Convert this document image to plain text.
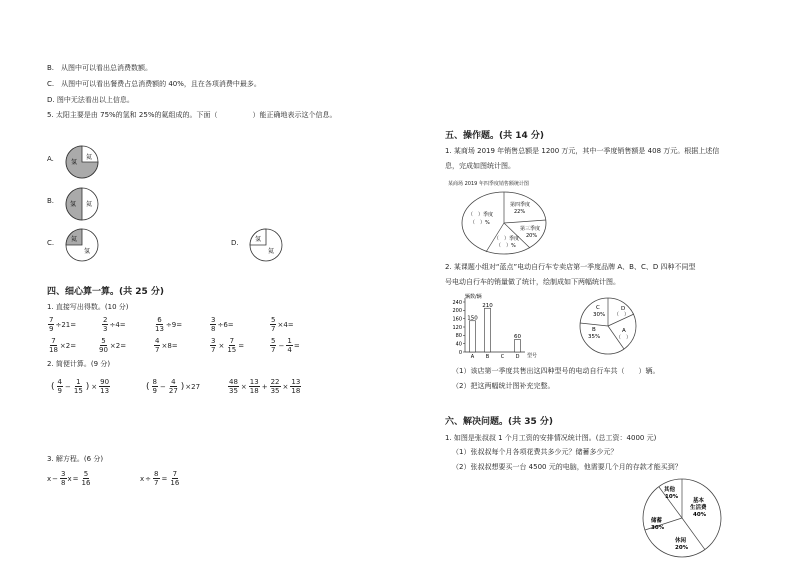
B.　从图中可以看出总消费数额。
C.　从图中可以看出餐费占总消费额的 40%，且在各项消费中最多。
D. 图中无法看出以上信息。
5. 太阳主要是由 75%的氢和 25%的氦组成的。下面（　　　　　）能正确地表示这个信息。
A.	氢
氦
B.	氢 氦
C.	氦
氢
D.	氢
氦
四、细心算一算。(共 25 分)
1. 直接写出得数。(10 分)
$\frac{7}{9} \div 21=$	$\frac{2}{3} \div 4=$	$\frac{6}{13} \div 9=$	$\frac{3}{8} \div 6=$	$\frac{5}{7} \times 4=$
$\frac{7}{18} \times 2=$	$\frac{5}{90} \times 2=$	$\frac{4}{7} \times 8=$	$\frac{3}{7} \times \frac{7}{15}$ =	$\frac{5}{7} - \frac{1}{4}$ =
2. 简便计算。(9 分)
( $\frac{4}{9} - \frac{1}{15}$ ) × $\frac{90}{13}$	( $\frac{8}{9} - \frac{4}{27}$ ) ×27	$\frac{48}{35} \times \frac{13}{18} + \frac{22}{35} \times \frac{13}{18}$
3. 解方程。(6 分)
$x - \frac{3}{8}$ $x = \frac{5}{16}$	$x \div \frac{8}{7} = \frac{7}{16}$
五、操作题。(共 14 分)
1. 某商场 2019 年销售总额是 1200 万元，其中一季度销售额是 408 万元。根据上述信
息，完成如图统计图。
某商场 2019 年四季度销售额统计图
第四季度
22%
（　）季度
（　）%
第三季度
20%
（　）季度
（　）%
2. 某课题小组对“蓝点”电动自行车专卖店第一季度品牌 A、B、C、D 四种不同型
号电动自行车的销量做了统计，绘制成如下两幅统计图。
辆数/辆
型号
0
40
80
120
160
200
240
A
150
B
210
C D
60
C
30%
B
35%
A
（　）
（　）
D
（1）该店第一季度共售出这四种型号的电动自行车共（　　）辆。
（2）把这两幅统计图补充完整。
六、解决问题。(共 35 分)
1. 如图是张叔叔 1 个月工资的安排情况统计图。(总工资：4000 元)
（1）张叔叔每个月各项花费共多少元？储蓄多少元？
（2）张叔叔想要买一台 4500 元的电脑，他需要几个月的存款才能买到？
其他
10%
基本
生活费
40%
储蓄
30%
休闲
20%
